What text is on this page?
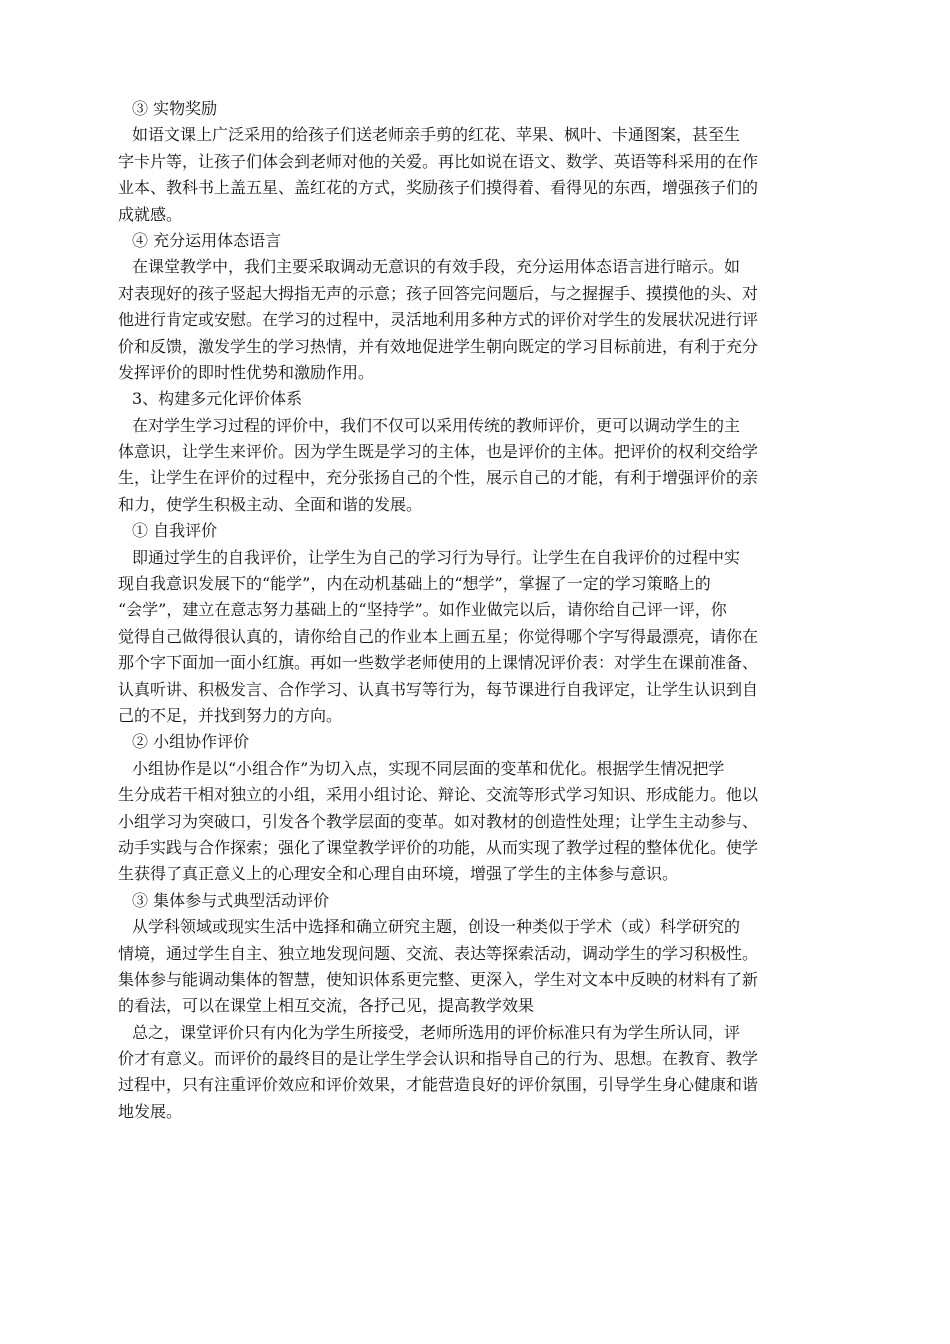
③ 实物奖励
如语文课上广泛采用的给孩子们送老师亲手剪的红花、苹果、枫叶、卡通图案，甚至生
字卡片等，让孩子们体会到老师对他的关爱。再比如说在语文、数学、英语等科采用的在作
业本、教科书上盖五星、盖红花的方式，奖励孩子们摸得着、看得见的东西，增强孩子们的
成就感。
④ 充分运用体态语言
在课堂教学中，我们主要采取调动无意识的有效手段，充分运用体态语言进行暗示。如
对表现好的孩子竖起大拇指无声的示意；孩子回答完问题后，与之握握手、摸摸他的头、对
他进行肯定或安慰。在学习的过程中，灵活地利用多种方式的评价对学生的发展状况进行评
价和反馈，激发学生的学习热情，并有效地促进学生朝向既定的学习目标前进，有利于充分
发挥评价的即时性优势和激励作用。
3、构建多元化评价体系
在对学生学习过程的评价中，我们不仅可以采用传统的教师评价，更可以调动学生的主
体意识，让学生来评价。因为学生既是学习的主体，也是评价的主体。把评价的权利交给学
生，让学生在评价的过程中，充分张扬自己的个性，展示自己的才能，有利于增强评价的亲
和力，使学生积极主动、全面和谐的发展。
① 自我评价
即通过学生的自我评价，让学生为自己的学习行为导行。让学生在自我评价的过程中实
现自我意识发展下的“能学”，内在动机基础上的“想学”，掌握了一定的学习策略上的
“会学”，建立在意志努力基础上的“坚持学”。如作业做完以后，请你给自己评一评，你
觉得自己做得很认真的，请你给自己的作业本上画五星；你觉得哪个字写得最漂亮，请你在
那个字下面加一面小红旗。再如一些数学老师使用的上课情况评价表：对学生在课前准备、
认真听讲、积极发言、合作学习、认真书写等行为，每节课进行自我评定，让学生认识到自
己的不足，并找到努力的方向。
② 小组协作评价
小组协作是以“小组合作”为切入点，实现不同层面的变革和优化。根据学生情况把学
生分成若干相对独立的小组，采用小组讨论、辩论、交流等形式学习知识、形成能力。他以
小组学习为突破口，引发各个教学层面的变革。如对教材的创造性处理；让学生主动参与、
动手实践与合作探索；强化了课堂教学评价的功能，从而实现了教学过程的整体优化。使学
生获得了真正意义上的心理安全和心理自由环境，增强了学生的主体参与意识。
③ 集体参与式典型活动评价
从学科领域或现实生活中选择和确立研究主题，创设一种类似于学术（或）科学研究的
情境，通过学生自主、独立地发现问题、交流、表达等探索活动，调动学生的学习积极性。
集体参与能调动集体的智慧，使知识体系更完整、更深入，学生对文本中反映的材料有了新
的看法，可以在课堂上相互交流，各抒己见，提高教学效果
总之，课堂评价只有内化为学生所接受，老师所选用的评价标准只有为学生所认同，评
价才有意义。而评价的最终目的是让学生学会认识和指导自己的行为、思想。在教育、教学
过程中，只有注重评价效应和评价效果，才能营造良好的评价氛围，引导学生身心健康和谐
地发展。
